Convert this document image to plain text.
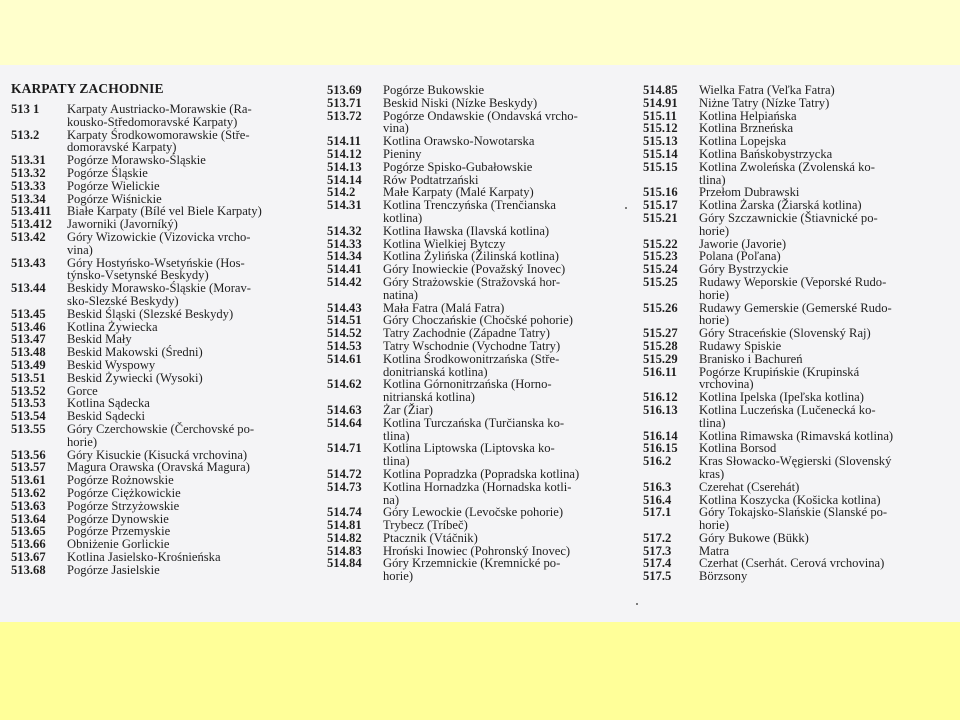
KARPATY ZACHODNIE
513 1	Karpaty Austriacko-Morawskie (Ra-
kousko-Středomoravské Karpaty)
513.2	Karpaty Środkowomorawskie (Stře-
domoravské Karpaty)
513.31	Pogórze Morawsko-Śląskie
513.32	Pogórze Śląskie
513.33	Pogórze Wielickie
513.34	Pogórze Wiśnickie
513.411	Białe Karpaty (Bílé vel Biele Karpaty)
513.412	Jaworniki (Javorníký)
513.42	Góry Wizowickie (Vizovicka vrcho-
vina)
513.43	Góry Hostyńsko-Wsetyńskie (Hos-
týnsko-Vsetynské Beskydy)
513.44	Beskidy Morawsko-Śląskie (Morav-
sko-Slezské Beskydy)
513.45	Beskid Śląski (Slezské Beskydy)
513.46	Kotlina Żywiecka
513.47	Beskid Mały
513.48	Beskid Makowski (Średni)
513.49	Beskid Wyspowy
513.51	Beskid Żywiecki (Wysoki)
513.52	Gorce
513.53	Kotlina Sądecka
513.54	Beskid Sądecki
513.55	Góry Czerchowskie (Čerchovské po-
horie)
513.56	Góry Kisuckie (Kisucká vrchovina)
513.57	Magura Orawska (Oravská Magura)
513.61	Pogórze Rożnowskie
513.62	Pogórze Ciężkowickie
513.63	Pogórze Strzyżowskie
513.64	Pogórze Dynowskie
513.65	Pogórze Przemyskie
513.66	Obniżenie Gorlickie
513.67	Kotlina Jasielsko-Krośnieńska
513.68	Pogórze Jasielskie
513.69	Pogórze Bukowskie
513.71	Beskid Niski (Nízke Beskydy)
513.72	Pogórze Ondawskie (Ondavská vrcho-
vina)
514.11	Kotlina Orawsko-Nowotarska
514.12	Pieniny
514.13	Pogórze Spisko-Gubałowskie
514.14	Rów Podtatrzański
514.2	Małe Karpaty (Malé Karpaty)
514.31	Kotlina Trenczyńska (Trenčianska
kotlina)
514.32	Kotlina Iławska (Ilavská kotlina)
514.33	Kotlina Wielkiej Bytczy
514.34	Kotlina Żylińska (Žilinská kotlina)
514.41	Góry Inowieckie (Považský Inovec)
514.42	Góry Strażowskie (Stražovská hor-
natina)
514.43	Mała Fatra (Malá Fatra)
514.51	Góry Choczańskie (Chočské pohorie)
514.52	Tatry Zachodnie (Západne Tatry)
514.53	Tatry Wschodnie (Vychodne Tatry)
514.61	Kotlina Środkowonitrzańska (Stře-
donitrianská kotlina)
514.62	Kotlina Górnonitrzańska (Horno-
nitrianská kotlina)
514.63	Żar (Žiar)
514.64	Kotlina Turczańska (Turčianska ko-
tlina)
514.71	Kotlina Liptowska (Liptovska ko-
tlina)
514.72	Kotlina Popradzka (Popradska kotlina)
514.73	Kotlina Hornadzka (Hornadska kotli-
na)
514.74	Góry Lewockie (Levočske pohorie)
514.81	Trybecz (Tríbeč)
514.82	Ptacznik (Vtáčnik)
514.83	Hroński Inowiec (Pohronský Inovec)
514.84	Góry Krzemnickie (Kremnické po-
horie)
514.85	Wielka Fatra (Veľka Fatra)
514.91	Niżne Tatry (Nízke Tatry)
515.11	Kotlina Helpiańska
515.12	Kotlina Brzneńska
515.13	Kotlina Lopejska
515.14	Kotlina Bańskobystrzycka
515.15	Kotlina Zwoleńska (Zvolenská ko-
tlina)
515.16	Przełom Dubrawski
515.17	Kotlina Żarska (Žiarská kotlina)
515.21	Góry Szczawnickie (Štiavnické po-
horie)
515.22	Jaworie (Javorie)
515.23	Polana (Poľana)
515.24	Góry Bystrzyckie
515.25	Rudawy Weporskie (Veporské Rudo-
horie)
515.26	Rudawy Gemerskie (Gemerské Rudo-
horie)
515.27	Góry Straceńskie (Slovenský Raj)
515.28	Rudawy Spiskie
515.29	Branisko i Bachureń
516.11	Pogórze Krupińskie (Krupinská
vrchovina)
516.12	Kotlina Ipelska (Ipeľska kotlina)
516.13	Kotlina Luczeńska (Lučenecká ko-
tlina)
516.14	Kotlina Rimawska (Rimavská kotlina)
516.15	Kotlina Borsod
516.2	Kras Słowacko-Węgierski (Slovenský
kras)
516.3	Czerehat (Cserehát)
516.4	Kotlina Koszycka (Košicka kotlina)
517.1	Góry Tokajsko-Slańskie (Slanské po-
horie)
517.2	Góry Bukowe (Bükk)
517.3	Matra
517.4	Czerhat (Cserhát. Cerová vrchovina)
517.5	Börzsony
